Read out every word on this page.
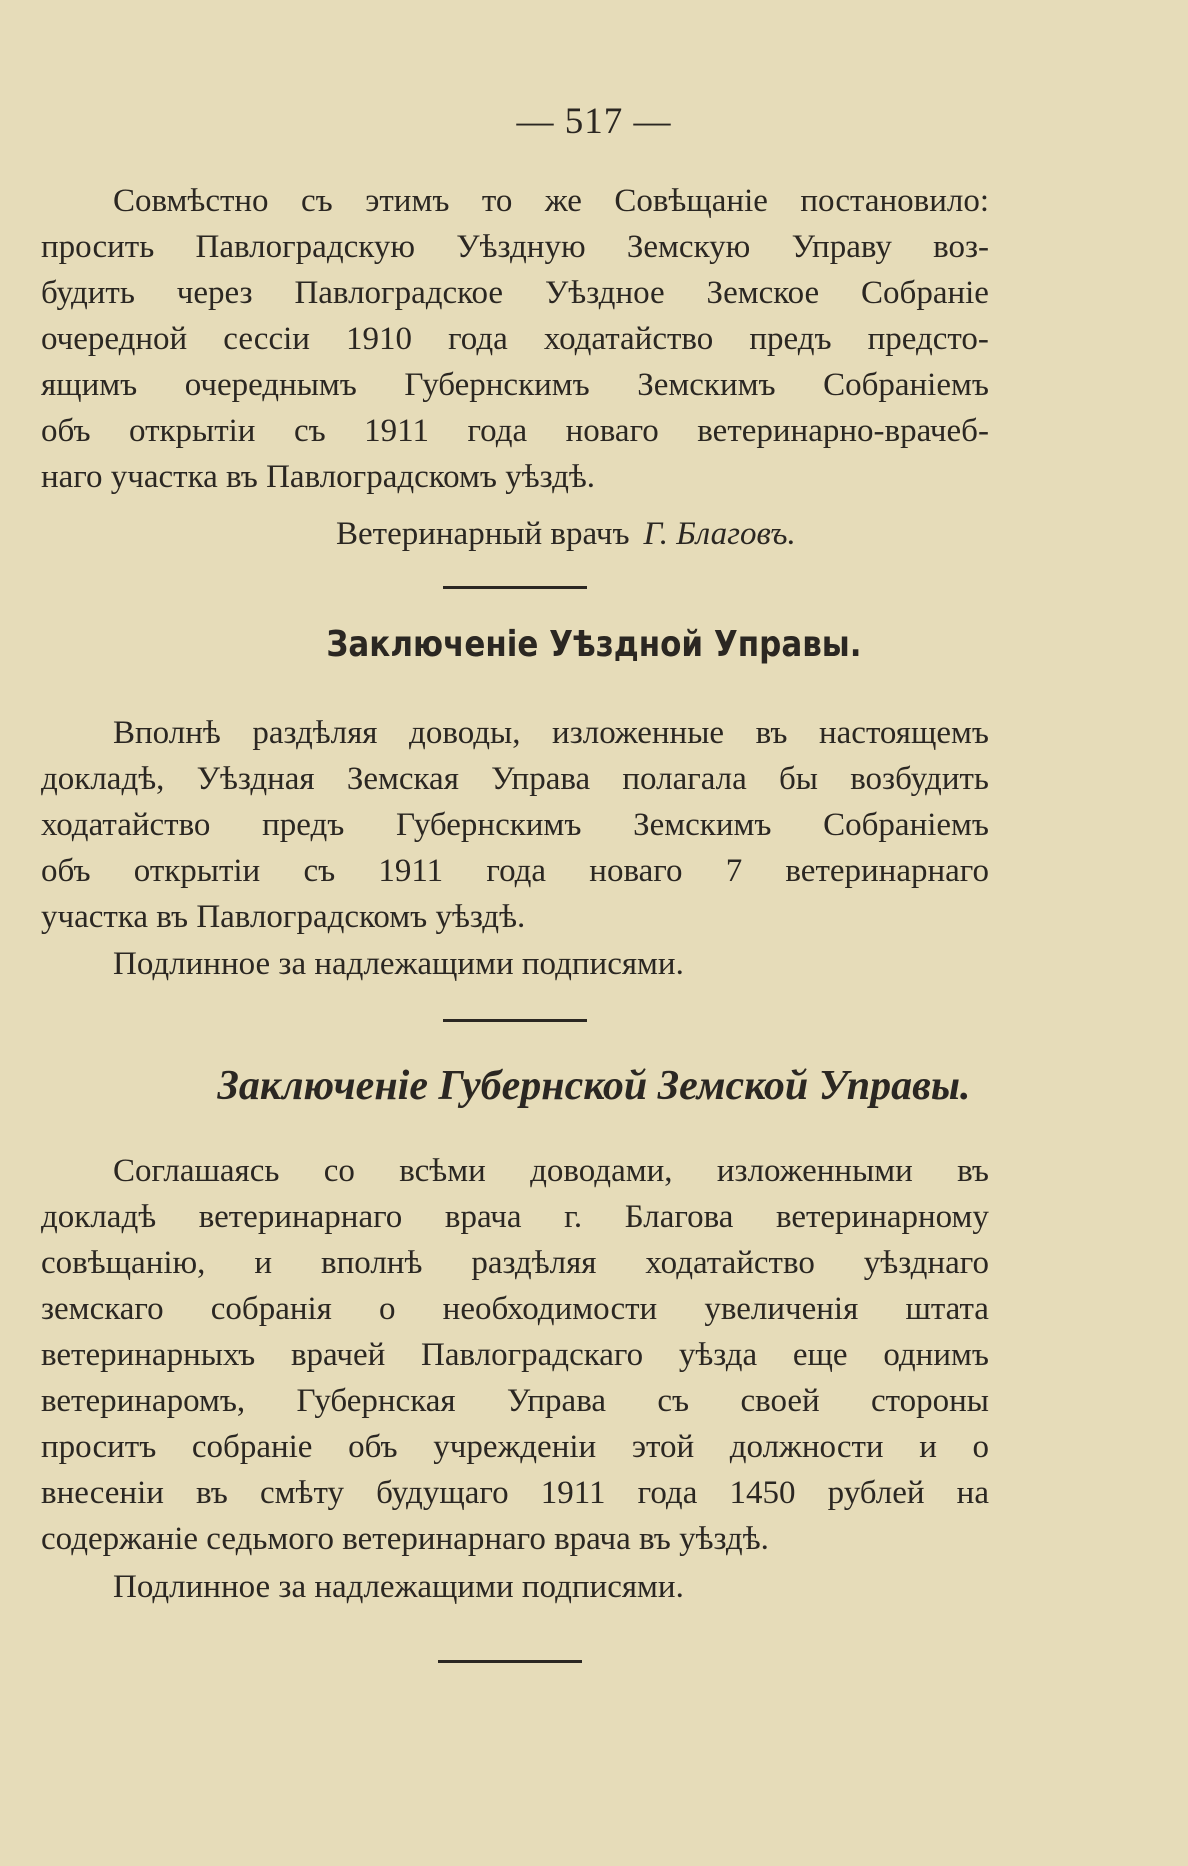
— 517 —
Совмѣстно съ этимъ то же Совѣщаніе постановило:
просить Павлоградскую Уѣздную Земскую Управу воз-
будить через Павлоградское Уѣздное Земское Собраніе
очередной сессіи 1910 года ходатайство предъ предсто-
ящимъ очереднымъ Губернскимъ Земскимъ Собраніемъ
объ открытіи съ 1911 года новаго ветеринарно-врачеб-
наго участка въ Павлоградскомъ уѣздѣ.
Ветеринарный врачъ Г. Благовъ.
Заключеніе Уѣздной Управы.
Вполнѣ раздѣляя доводы, изложенные въ настоящемъ
докладѣ, Уѣздная Земская Управа полагала бы возбудить
ходатайство предъ Губернскимъ Земскимъ Собраніемъ
объ открытіи съ 1911 года новаго 7 ветеринарнаго
участка въ Павлоградскомъ уѣздѣ.
Подлинное за надлежащими подписями.
Заключеніе Губернской Земской Управы.
Соглашаясь со всѣми доводами, изложенными въ
докладѣ ветеринарнаго врача г. Благова ветеринарному
совѣщанію, и вполнѣ раздѣляя ходатайство уѣзднаго
земскаго собранія о необходимости увеличенія штата
ветеринарныхъ врачей Павлоградскаго уѣзда еще однимъ
ветеринаромъ, Губернская Управа съ своей стороны
проситъ собраніе объ учрежденіи этой должности и о
внесеніи въ смѣту будущаго 1911 года 1450 рублей на
содержаніе седьмого ветеринарнаго врача въ уѣздѣ.
Подлинное за надлежащими подписями.
